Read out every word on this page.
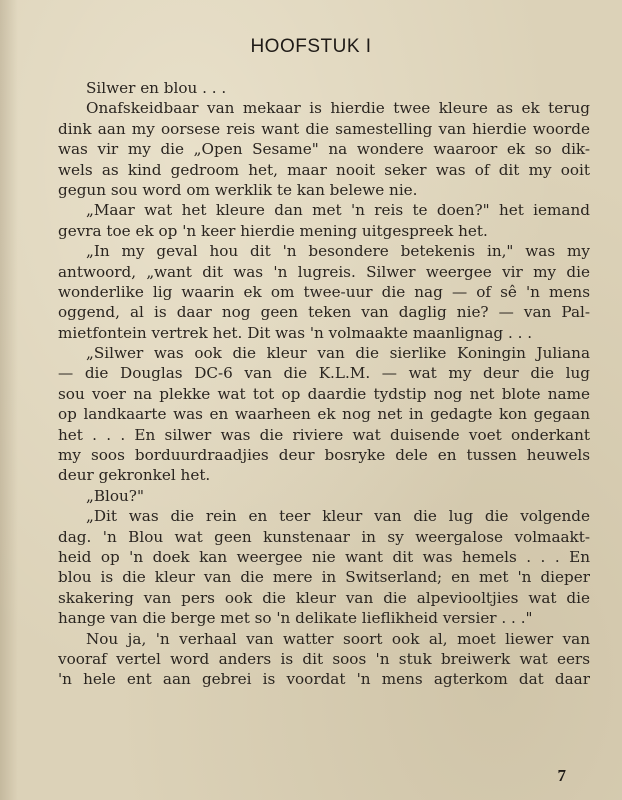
HOOFSTUK I
Silwer en blou . . .
Onafskeidbaar van mekaar is hierdie twee kleure as ek terug
dink aan my oorsese reis want die samestelling van hierdie woorde
was vir my die „Open Sesame" na wondere waaroor ek so dik-
wels as kind gedroom het, maar nooit seker was of dit my ooit
gegun sou word om werklik te kan belewe nie.
„Maar wat het kleure dan met 'n reis te doen?" het iemand
gevra toe ek op 'n keer hierdie mening uitgespreek het.
„In my geval hou dit 'n besondere betekenis in," was my
antwoord, „want dit was 'n lugreis. Silwer weergee vir my die
wonderlike lig waarin ek om twee-uur die nag — of sê 'n mens
oggend, al is daar nog geen teken van daglig nie? — van Pal-
mietfontein vertrek het. Dit was 'n volmaakte maanlignag . . .
„Silwer was ook die kleur van die sierlike Koningin Juliana
— die Douglas DC-6 van die K.L.M. — wat my deur die lug
sou voer na plekke wat tot op daardie tydstip nog net blote name
op landkaarte was en waarheen ek nog net in gedagte kon gegaan
het . . . En silwer was die riviere wat duisende voet onderkant
my soos borduurdraadjies deur bosryke dele en tussen heuwels
deur gekronkel het.
„Blou?"
„Dit was die rein en teer kleur van die lug die volgende
dag. 'n Blou wat geen kunstenaar in sy weergalose volmaakt-
heid op 'n doek kan weergee nie want dit was hemels . . . En
blou is die kleur van die mere in Switserland; en met 'n dieper
skakering van pers ook die kleur van die alpeviooltjies wat die
hange van die berge met so 'n delikate lieflikheid versier . . ."
Nou ja, 'n verhaal van watter soort ook al, moet liewer van
vooraf vertel word anders is dit soos 'n stuk breiwerk wat eers
'n hele ent aan gebrei is voordat 'n mens agterkom dat daar
7
